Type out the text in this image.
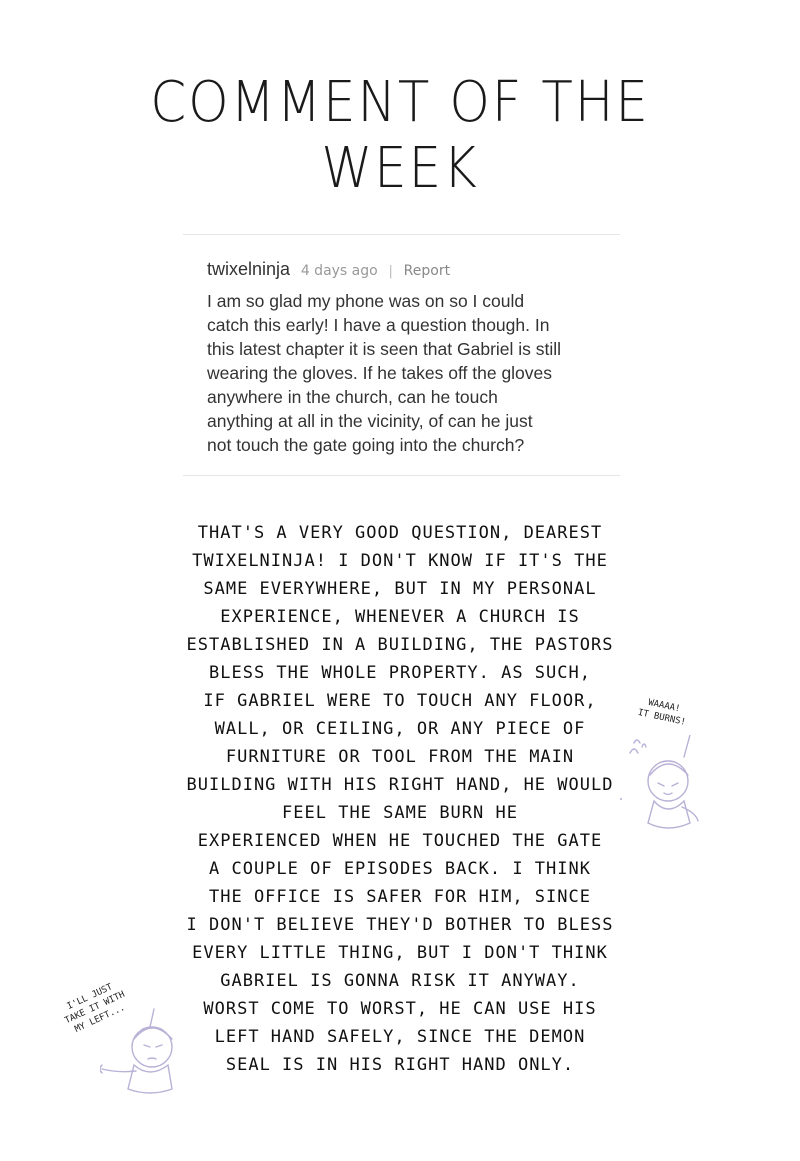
COMMENT OF THE
WEEK
twixelninja 4 days ago | Report
I am so glad my phone was on so I could
catch this early! I have a question though. In
this latest chapter it is seen that Gabriel is still
wearing the gloves. If he takes off the gloves
anywhere in the church, can he touch
anything at all in the vicinity, of can he just
not touch the gate going into the church?
THAT'S A VERY GOOD QUESTION, DEAREST
TWIXELNINJA! I DON'T KNOW IF IT'S THE
SAME EVERYWHERE, BUT IN MY PERSONAL
EXPERIENCE, WHENEVER A CHURCH IS
ESTABLISHED IN A BUILDING, THE PASTORS
BLESS THE WHOLE PROPERTY. AS SUCH,
IF GABRIEL WERE TO TOUCH ANY FLOOR,
WALL, OR CEILING, OR ANY PIECE OF
FURNITURE OR TOOL FROM THE MAIN
BUILDING WITH HIS RIGHT HAND, HE WOULD
FEEL THE SAME BURN HE
EXPERIENCED WHEN HE TOUCHED THE GATE
A COUPLE OF EPISODES BACK. I THINK
THE OFFICE IS SAFER FOR HIM, SINCE
I DON'T BELIEVE THEY'D BOTHER TO BLESS
EVERY LITTLE THING, BUT I DON'T THINK
GABRIEL IS GONNA RISK IT ANYWAY.
WORST COME TO WORST, HE CAN USE HIS
LEFT HAND SAFELY, SINCE THE DEMON
SEAL IS IN HIS RIGHT HAND ONLY.
WAAAA!
IT BURNS!
I'LL JUST
TAKE IT WITH
MY LEFT...
